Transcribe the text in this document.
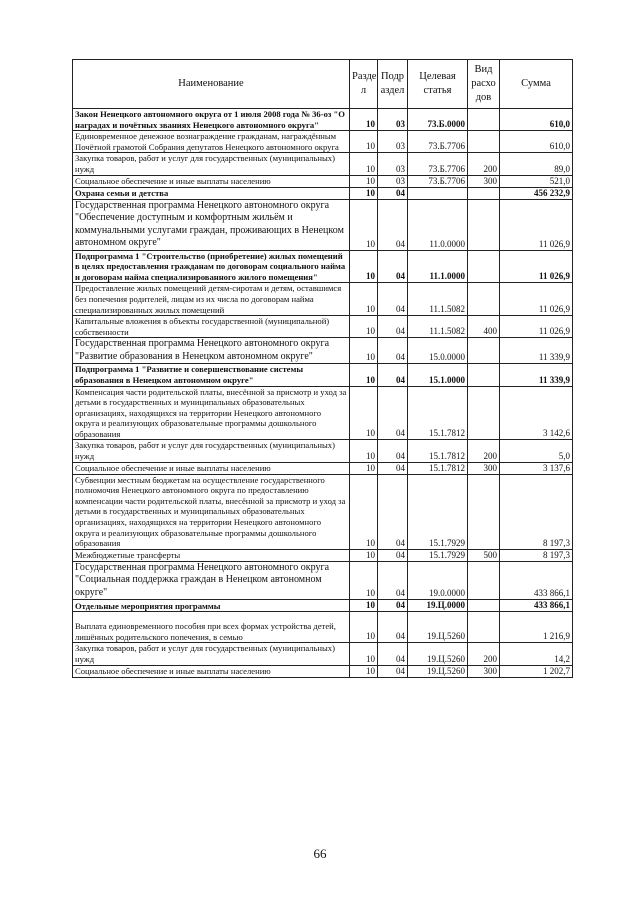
Наименование	Разде л	Подр аздел	Целевая статья	Вид расхо дов	Сумма
Закон Ненецкого автономного округа от 1 июля 2008 года № 36-оз "О наградах и почётных званиях Ненецкого автономного округа"	10	03	73.Б.0000		610,0
Единовременное денежное вознаграждение гражданам, награждённым Почётной грамотой Собрания депутатов Ненецкого автономного округа	10	03	73.Б.7706		610,0
Закупка товаров, работ и услуг для государственных (муниципальных) нужд	10	03	73.Б.7706	200	89,0
Социальное обеспечение и иные выплаты населению	10	03	73.Б.7706	300	521,0
Охрана семьи и детства	10	04			456 232,9
Государственная программа Ненецкого автономного округа "Обеспечение доступным и комфортным жильём и коммунальными услугами граждан, проживающих в Ненецком автономном округе"	10	04	11.0.0000		11 026,9
Подпрограмма 1 "Строительство (приобретение) жилых помещений в целях предоставления гражданам по договорам социального найма и договорам найма специализированного жилого помещения"	10	04	11.1.0000		11 026,9
Предоставление жилых помещений детям-сиротам и детям, оставшимся без попечения родителей, лицам из их числа по договорам найма специализированных жилых помещений	10	04	11.1.5082		11 026,9
Капитальные вложения в объекты государственной (муниципальной) собственности	10	04	11.1.5082	400	11 026,9
Государственная программа Ненецкого автономного округа "Развитие образования в Ненецком автономном округе"	10	04	15.0.0000		11 339,9
Подпрограмма 1 "Развитие и совершенствование системы образования в Ненецком автономном округе"	10	04	15.1.0000		11 339,9
Компенсация части родительской платы, внесённой за присмотр и уход за детьми в государственных и муниципальных образовательных организациях, находящихся на территории Ненецкого автономного округа и реализующих образовательные программы дошкольного образования	10	04	15.1.7812		3 142,6
Закупка товаров, работ и услуг для государственных (муниципальных) нужд	10	04	15.1.7812	200	5,0
Социальное обеспечение и иные выплаты населению	10	04	15.1.7812	300	3 137,6
Субвенции местным бюджетам на осуществление государственного полномочия Ненецкого автономного округа по предоставлению компенсации части родительской платы, внесённой за присмотр и уход за детьми в государственных и муниципальных образовательных организациях, находящихся на территории Ненецкого автономного округа и реализующих образовательные программы дошкольного образования	10	04	15.1.7929		8 197,3
Межбюджетные трансферты	10	04	15.1.7929	500	8 197,3
Государственная программа Ненецкого автономного округа "Социальная поддержка граждан в Ненецком автономном округе"	10	04	19.0.0000		433 866,1
Отдельные мероприятия программы	10	04	19.Ц.0000		433 866,1
Выплата единовременного пособия при всех формах устройства детей, лишённых родительского попечения, в семью	10	04	19.Ц.5260		1 216,9
Закупка товаров, работ и услуг для государственных (муниципальных) нужд	10	04	19.Ц.5260	200	14,2
Социальное обеспечение и иные выплаты населению	10	04	19.Ц.5260	300	1 202,7
66
